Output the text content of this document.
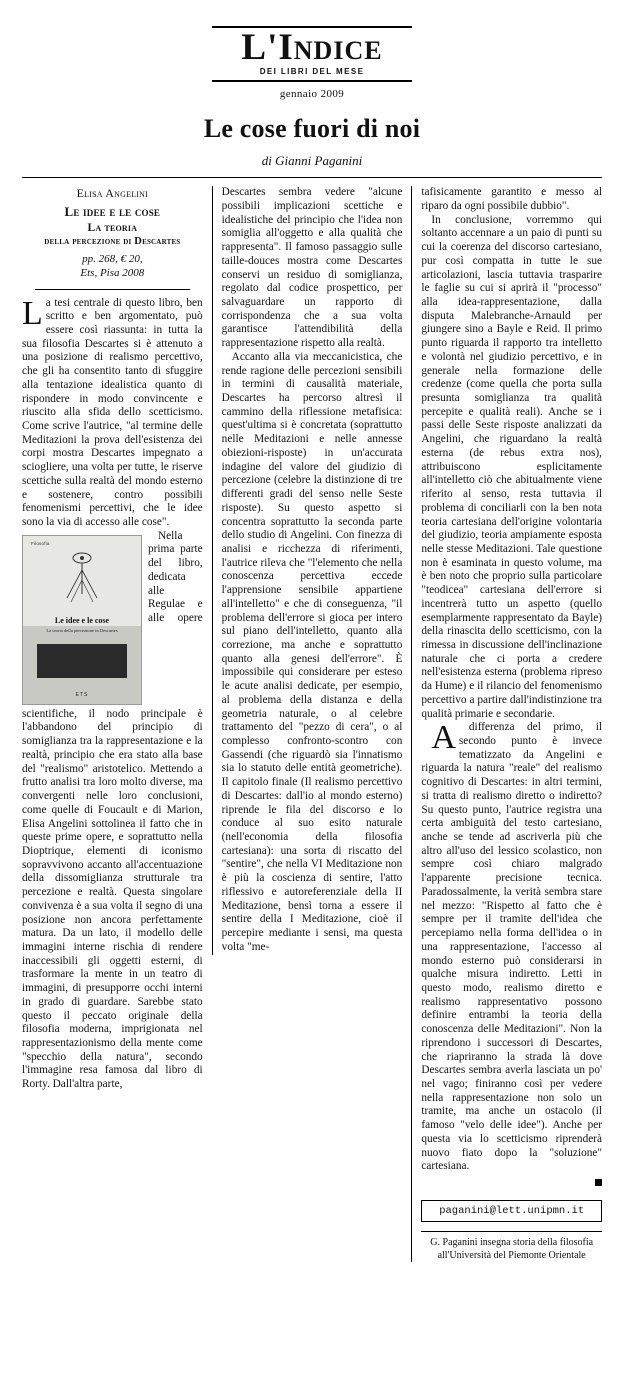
L'Indice
DEI LIBRI DEL MESE
gennaio 2009
Le cose fuori di noi
di Gianni Paganini
Elisa Angelini
Le idee e le cose
La teoria
della percezione di Descartes
pp. 268, € 20,
Ets, Pisa 2008

La tesi centrale di questo libro, ben scritto e ben argomentato, può essere così riassunta: in tutta la sua filosofia Descartes si è attenuto a una posizione di realismo percettivo, che gli ha consentito tanto di sfuggire alla tentazione idealistica quanto di rispondere in modo convincente e riuscito alla sfida dello scetticismo. Come scrive l'autrice, "al termine delle Meditazioni la prova dell'esistenza dei corpi mostra Descartes impegnato a sciogliere, una volta per tutte, le riserve scettiche sulla realtà del mondo esterno e sostenere, contro possibili fenomenismi percettivi, che le idee sono la via di accesso alle cose".

Filosofia
Le idee e le cose
La teoria della percezione in Descartes
ETS

Nella prima parte del libro, dedicata alle Regulae e alle opere scientifiche, il nodo principale è l'abbandono del principio di somiglianza tra la rappresentazione e la realtà, principio che era stato alla base del "realismo" aristotelico. Mettendo a frutto analisi tra loro molto diverse, ma convergenti nelle loro conclusioni, come quelle di Foucault e di Marion, Elisa Angelini sottolinea il fatto che in queste prime opere, e soprattutto nella Dioptrique, elementi di iconismo sopravvivono accanto all'accentuazione della dissomiglianza strutturale tra percezione e realtà. Questa singolare convivenza è a sua volta il segno di una posizione non ancora perfettamente matura. Da un lato, il modello delle immagini interne rischia di rendere inaccessibili gli oggetti esterni, di trasformare la mente in un teatro di immagini, di presupporre occhi interni in grado di guardare. Sarebbe stato questo il peccato originale della filosofia moderna, imprigionata nel rappresentazionismo della mente come "specchio della natura", secondo l'immagine resa famosa dal libro di Rorty. Dall'altra parte,

Descartes sembra vedere "alcune possibili implicazioni scettiche e idealistiche del principio che l'idea non somiglia all'oggetto e alla qualità che rappresenta". Il famoso passaggio sulle taille-douces mostra come Descartes conservi un residuo di somiglianza, regolato dal codice prospettico, per salvaguardare un rapporto di corrispondenza che a sua volta garantisce l'attendibilità della rappresentazione rispetto alla realtà.

Accanto alla via meccanicistica, che rende ragione delle percezioni sensibili in termini di causalità materiale, Descartes ha percorso altresì il cammino della riflessione metafisica: quest'ultima si è concretata (soprattutto nelle Meditazioni e nelle annesse obiezioni-risposte) in un'accurata indagine del valore del giudizio di percezione (celebre la distinzione di tre differenti gradi del senso nelle Seste risposte). Su questo aspetto si concentra soprattutto la seconda parte dello studio di Angelini. Con finezza di analisi e ricchezza di riferimenti, l'autrice rileva che "l'elemento che nella conoscenza percettiva eccede l'apprensione sensibile appartiene all'intelletto" e che di conseguenza, "il problema dell'errore si gioca per intero sul piano dell'intelletto, quanto alla correzione, ma anche e soprattutto quanto alla genesi dell'errore". È impossibile qui considerare per esteso le acute analisi dedicate, per esempio, al problema della distanza e della geometria naturale, o al celebre trattamento del "pezzo di cera", o al complesso confronto-scontro con Gassendi (che riguardò sia l'innatismo sia lo statuto delle entità geometriche). Il capitolo finale (Il realismo percettivo di Descartes: dall'io al mondo esterno) riprende le fila del discorso e lo conduce al suo esito naturale (nell'economia della filosofia cartesiana): una sorta di riscatto del "sentire", che nella VI Meditazione non è più la coscienza di sentire, l'atto riflessivo e autoreferenziale della II Meditazione, bensì torna a essere il sentire della I Meditazione, cioè il percepire mediante i sensi, ma questa volta "me-

tafisicamente garantito e messo al riparo da ogni possibile dubbio".

In conclusione, vorremmo qui soltanto accennare a un paio di punti su cui la coerenza del discorso cartesiano, pur così compatta in tutte le sue articolazioni, lascia tuttavia trasparire le faglie su cui si aprirà il "processo" alla idea-rappresentazione, dalla disputa Malebranche-Arnauld per giungere sino a Bayle e Reid. Il primo punto riguarda il rapporto tra intelletto e volontà nel giudizio percettivo, e in generale nella formazione delle credenze (come quella che porta sulla presunta somiglianza tra qualità percepite e qualità reali). Anche se i passi delle Seste risposte analizzati da Angelini, che riguardano la realtà esterna (de rebus extra nos), attribuiscono esplicitamente all'intelletto ciò che abitualmente viene riferito al senso, resta tuttavia il problema di conciliarli con la ben nota teoria cartesiana dell'origine volontaria del giudizio, teoria ampiamente esposta nelle stesse Meditazioni. Tale questione non è esaminata in questo volume, ma è ben noto che proprio sulla particolare "teodicea" cartesiana dell'errore si incentrerà tutto un aspetto (quello esemplarmente rappresentato da Bayle) della rinascita dello scetticismo, con la rimessa in discussione dell'inclinazione naturale che ci porta a credere nell'esistenza esterna (problema ripreso da Hume) e il rilancio del fenomenismo percettivo a partire dall'indistinzione tra qualità primarie e secondarie.

Adifferenza del primo, il secondo punto è invece tematizzato da Angelini e riguarda la natura "reale" del realismo cognitivo di Descartes: in altri termini, si tratta di realismo diretto o indiretto? Su questo punto, l'autrice registra una certa ambiguità del testo cartesiano, anche se tende ad ascriverla più che altro all'uso del lessico scolastico, non sempre così chiaro malgrado l'apparente precisione tecnica. Paradossalmente, la verità sembra stare nel mezzo: "Rispetto al fatto che è sempre per il tramite dell'idea che percepiamo nella forma dell'idea o in una rappresentazione, l'accesso al mondo esterno può considerarsi in qualche misura indiretto. Letti in questo modo, realismo diretto e realismo rappresentativo possono definire entrambi la teoria della conoscenza delle Meditazioni". Non la riprendono i successori di Descartes, che riapriranno la strada là dove Descartes sembra averla lasciata un po' nel vago; finiranno così per vedere nella rappresentazione non solo un tramite, ma anche un ostacolo (il famoso "velo delle idee"). Anche per questa via lo scetticismo riprenderà nuovo fiato dopo la "soluzione" cartesiana.

paganini@lett.unipmn.it
G. Paganini insegna storia della filosofia
all'Università del Piemonte Orientale
